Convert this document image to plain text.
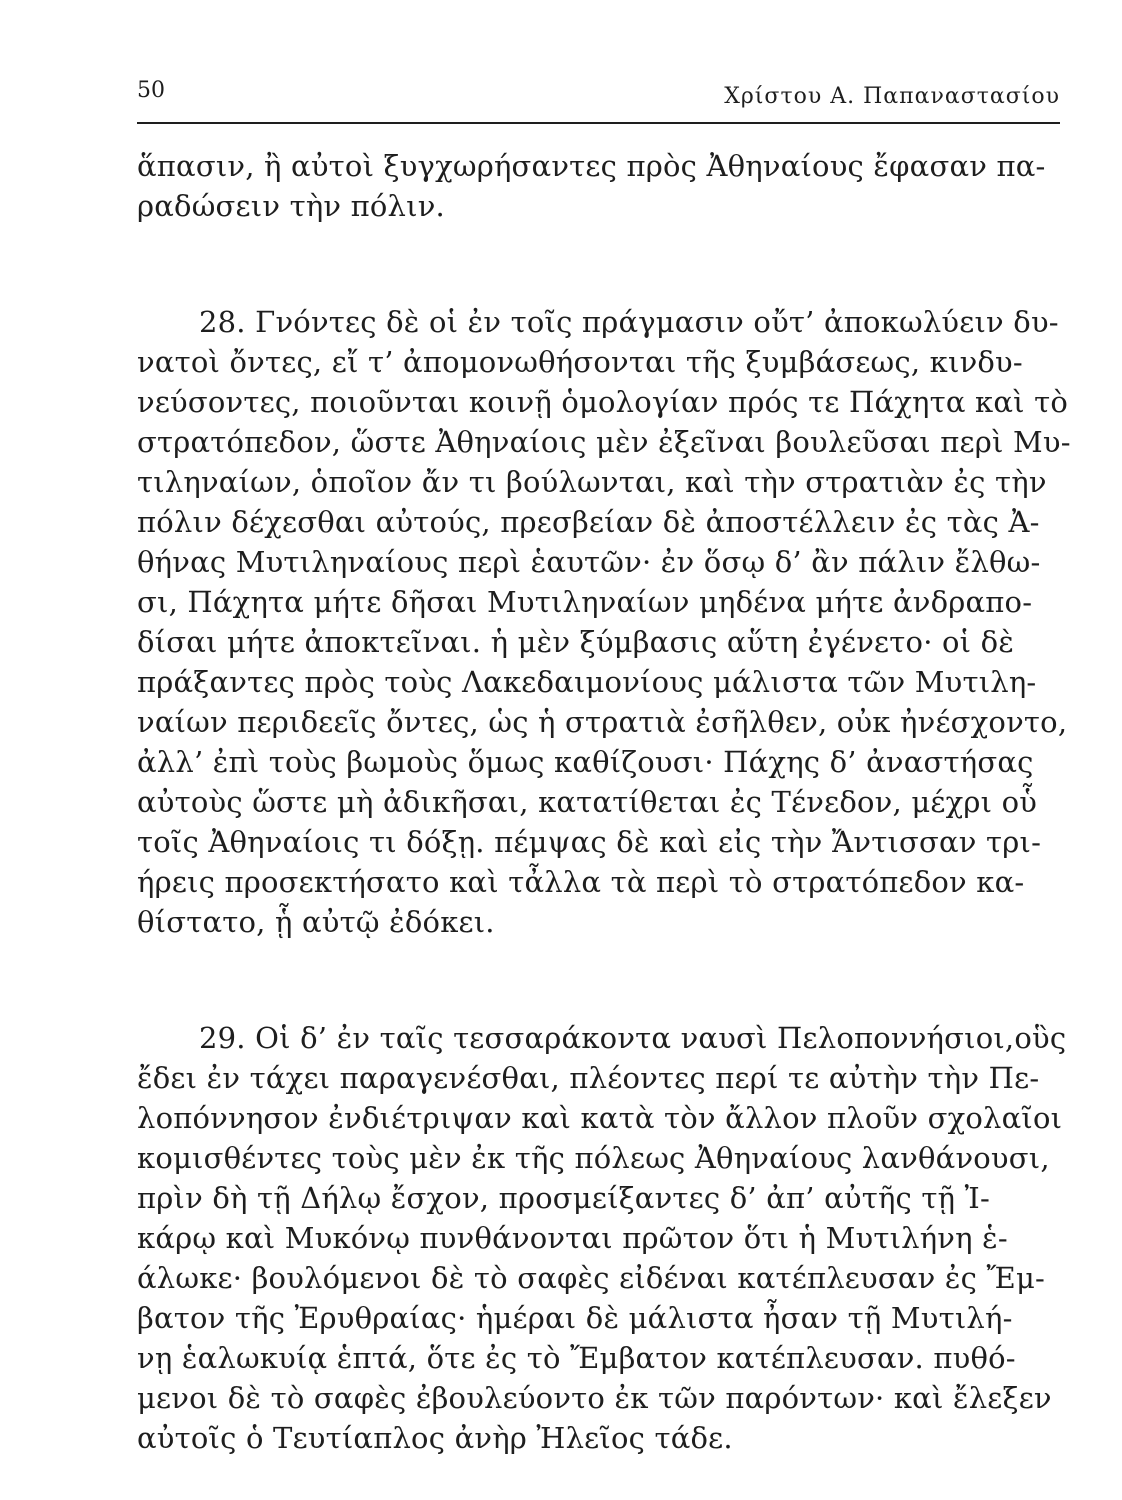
50	Χρίστου Α. Παπαναστασίου
ἅπασιν, ἢ αὐτοὶ ξυγχωρήσαντες πρὸς Ἀθηναίους ἔφασαν πα-
ραδώσειν τὴν πόλιν.
28. Γνόντες δὲ οἱ ἐν τοῖς πράγμασιν οὔτ’ ἀποκωλύειν δυ-
νατοὶ ὄντες, εἴ τ’ ἀπομονωθήσονται τῆς ξυμβάσεως, κινδυ-
νεύσοντες, ποιοῦνται κοινῇ ὁμολογίαν πρός τε Πάχητα καὶ τὸ
στρατόπεδον, ὥστε Ἀθηναίοις μὲν ἐξεῖναι βουλεῦσαι περὶ Μυ-
τιληναίων, ὁποῖον ἄν τι βούλωνται, καὶ τὴν στρατιὰν ἐς τὴν
πόλιν δέχεσθαι αὐτούς, πρεσβείαν δὲ ἀποστέλλειν ἐς τὰς Ἀ-
θήνας Μυτιληναίους περὶ ἑαυτῶν· ἐν ὅσῳ δ’ ἂν πάλιν ἔλθω-
σι, Πάχητα μήτε δῆσαι Μυτιληναίων μηδένα μήτε ἀνδραπο-
δίσαι μήτε ἀποκτεῖναι. ἡ μὲν ξύμβασις αὕτη ἐγένετο· οἱ δὲ
πράξαντες πρὸς τοὺς Λακεδαιμονίους μάλιστα τῶν Μυτιλη-
ναίων περιδεεῖς ὄντες, ὡς ἡ στρατιὰ ἐσῆλθεν, οὐκ ἠνέσχοντο,
ἀλλ’ ἐπὶ τοὺς βωμοὺς ὅμως καθίζουσι· Πάχης δ’ ἀναστήσας
αὐτοὺς ὥστε μὴ ἀδικῆσαι, κατατίθεται ἐς Τένεδον, μέχρι οὗ
τοῖς Ἀθηναίοις τι δόξῃ. πέμψας δὲ καὶ εἰς τὴν Ἄντισσαν τρι-
ήρεις προσεκτήσατο καὶ τἆλλα τὰ περὶ τὸ στρατόπεδον κα-
θίστατο, ᾗ αὐτῷ ἐδόκει.
29. Οἱ δ’ ἐν ταῖς τεσσαράκοντα ναυσὶ Πελοποννήσιοι,οὓς
ἔδει ἐν τάχει παραγενέσθαι, πλέοντες περί τε αὐτὴν τὴν Πε-
λοπόννησον ἐνδιέτριψαν καὶ κατὰ τὸν ἄλλον πλοῦν σχολαῖοι
κομισθέντες τοὺς μὲν ἐκ τῆς πόλεως Ἀθηναίους λανθάνουσι,
πρὶν δὴ τῇ Δήλῳ ἔσχον, προσμείξαντες δ’ ἀπ’ αὐτῆς τῇ Ἰ-
κάρῳ καὶ Μυκόνῳ πυνθάνονται πρῶτον ὅτι ἡ Μυτιλήνη ἑ-
άλωκε· βουλόμενοι δὲ τὸ σαφὲς εἰδέναι κατέπλευσαν ἐς Ἔμ-
βατον τῆς Ἐρυθραίας· ἡμέραι δὲ μάλιστα ἦσαν τῇ Μυτιλή-
νῃ ἑαλωκυίᾳ ἑπτά, ὅτε ἐς τὸ Ἔμβατον κατέπλευσαν. πυθό-
μενοι δὲ τὸ σαφὲς ἐβουλεύοντο ἐκ τῶν παρόντων· καὶ ἔλεξεν
αὐτοῖς ὁ Τευτίαπλος ἀνὴρ Ἠλεῖος τάδε.
